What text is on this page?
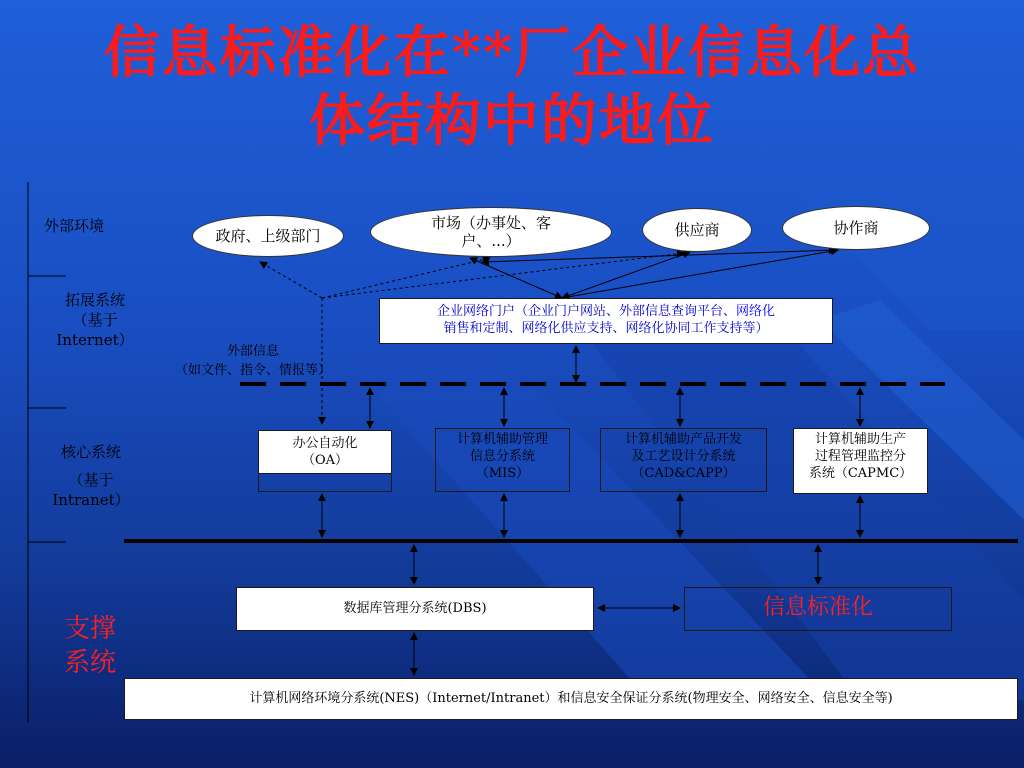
信息标准化在**厂企业信息化总
体结构中的地位
外部环境
拓展系统
（基于
Internet）
核心系统
（基于
Intranet）
支撑
系统
政府、上级部门
市场（办事处、客
户、...）
供应商	协作商
企业网络门户（企业门户网站、外部信息查询平台、网络化
销售和定制、网络化供应支持、网络化协同工作支持等）
外部信息
（如文件、指令、情报等）
办公自动化
（OA）
计算机辅助管理
信息分系统
（MIS）
计算机辅助产品开发
及工艺设计分系统
（CAD&CAPP）
计算机辅助生产
过程管理监控分
系统（CAPMC）
数据库管理分系统(DBS)	信息标准化
计算机网络环境分系统(NES)（Internet/Intranet）和信息安全保证分系统(物理安全、网络安全、信息安全等)
